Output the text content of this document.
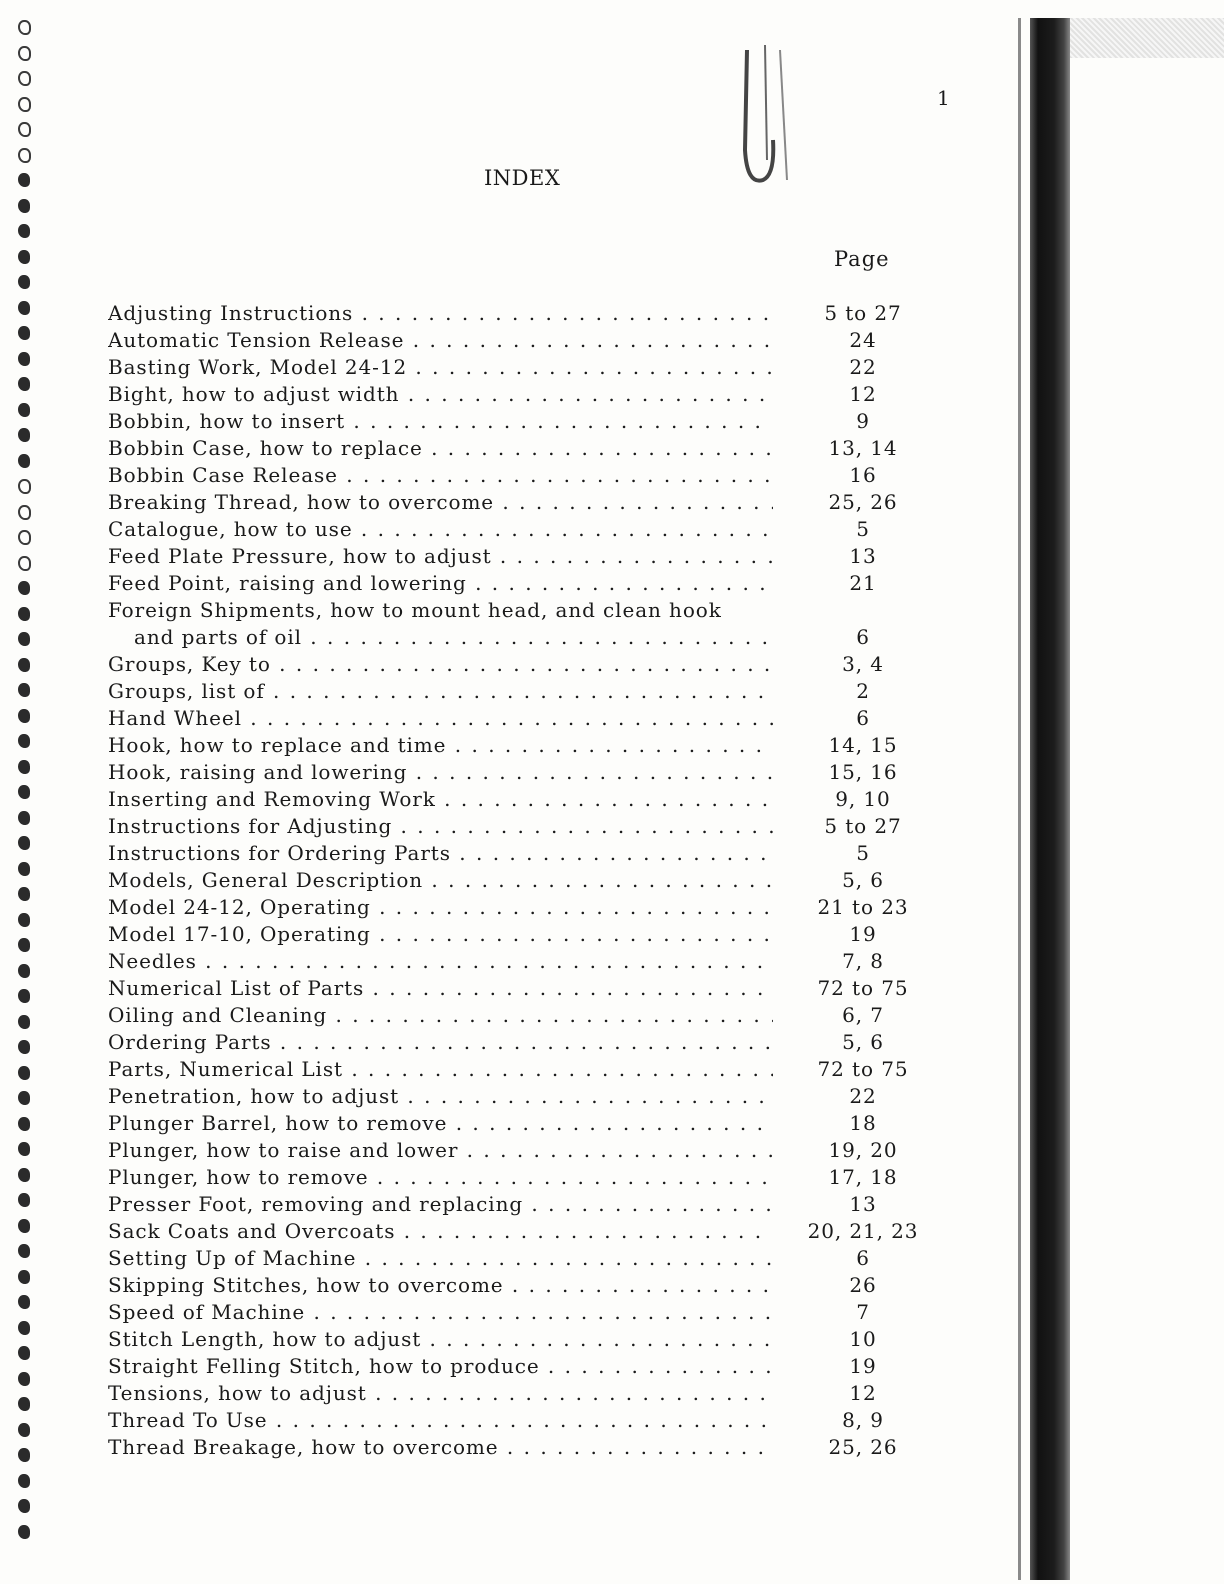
1
INDEX
Page
Adjusting Instructions . . .	5 to 27
Automatic Tension Release . . .	24
Basting Work, Model 24-12 . . .	22
Bight, how to adjust width . . .	12
Bobbin, how to insert . . .	9
Bobbin Case, how to replace . . .	13, 14
Bobbin Case Release . . .	16
Breaking Thread, how to overcome . . .	25, 26
Catalogue, how to use . . .	5
Feed Plate Pressure, how to adjust . . .	13
Feed Point, raising and lowering . . .	21
Foreign Shipments, how to mount head, and clean hook
and parts of oil . . .	6
Groups, Key to . . .	3, 4
Groups, list of . . .	2
Hand Wheel . . .	6
Hook, how to replace and time . . .	14, 15
Hook, raising and lowering . . .	15, 16
Inserting and Removing Work . . .	9, 10
Instructions for Adjusting . . .	5 to 27
Instructions for Ordering Parts . . .	5
Models, General Description . . .	5, 6
Model 24-12, Operating . . .	21 to 23
Model 17-10, Operating . . .	19
Needles . . .	7, 8
Numerical List of Parts . . .	72 to 75
Oiling and Cleaning . . .	6, 7
Ordering Parts . . .	5, 6
Parts, Numerical List . . .	72 to 75
Penetration, how to adjust . . .	22
Plunger Barrel, how to remove . . .	18
Plunger, how to raise and lower . . .	19, 20
Plunger, how to remove . . .	17, 18
Presser Foot, removing and replacing . . .	13
Sack Coats and Overcoats . . .	20, 21, 23
Setting Up of Machine . . .	6
Skipping Stitches, how to overcome . . .	26
Speed of Machine . . .	7
Stitch Length, how to adjust . . .	10
Straight Felling Stitch, how to produce . . .	19
Tensions, how to adjust . . .	12
Thread To Use . . .	8, 9
Thread Breakage, how to overcome . . .	25, 26
